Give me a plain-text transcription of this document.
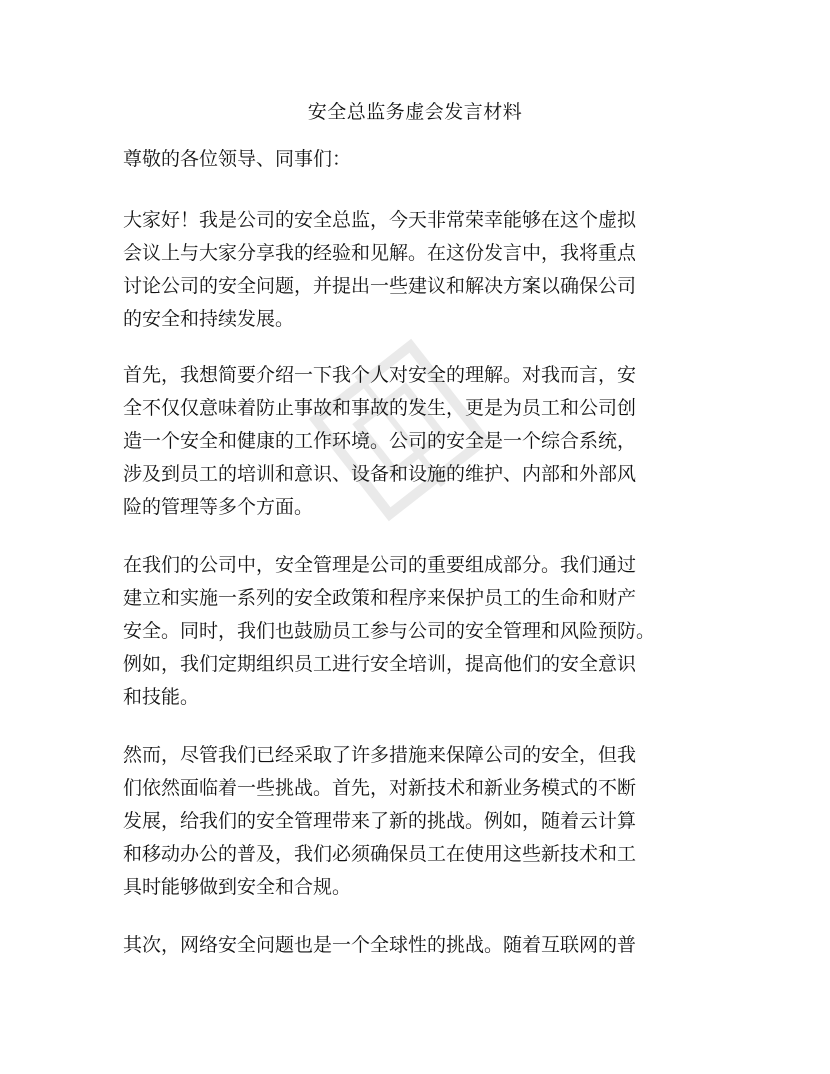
安全总监务虚会发言材料
尊敬的各位领导、同事们：
大家好！我是公司的安全总监，今天非常荣幸能够在这个虚拟
会议上与大家分享我的经验和见解。在这份发言中，我将重点
讨论公司的安全问题，并提出一些建议和解决方案以确保公司
的安全和持续发展。
首先，我想简要介绍一下我个人对安全的理解。对我而言，安
全不仅仅意味着防止事故和事故的发生，更是为员工和公司创
造一个安全和健康的工作环境。公司的安全是一个综合系统，
涉及到员工的培训和意识、设备和设施的维护、内部和外部风
险的管理等多个方面。
在我们的公司中，安全管理是公司的重要组成部分。我们通过
建立和实施一系列的安全政策和程序来保护员工的生命和财产
安全。同时，我们也鼓励员工参与公司的安全管理和风险预防。
例如，我们定期组织员工进行安全培训，提高他们的安全意识
和技能。
然而，尽管我们已经采取了许多措施来保障公司的安全，但我
们依然面临着一些挑战。首先，对新技术和新业务模式的不断
发展，给我们的安全管理带来了新的挑战。例如，随着云计算
和移动办公的普及，我们必须确保员工在使用这些新技术和工
具时能够做到安全和合规。
其次，网络安全问题也是一个全球性的挑战。随着互联网的普
